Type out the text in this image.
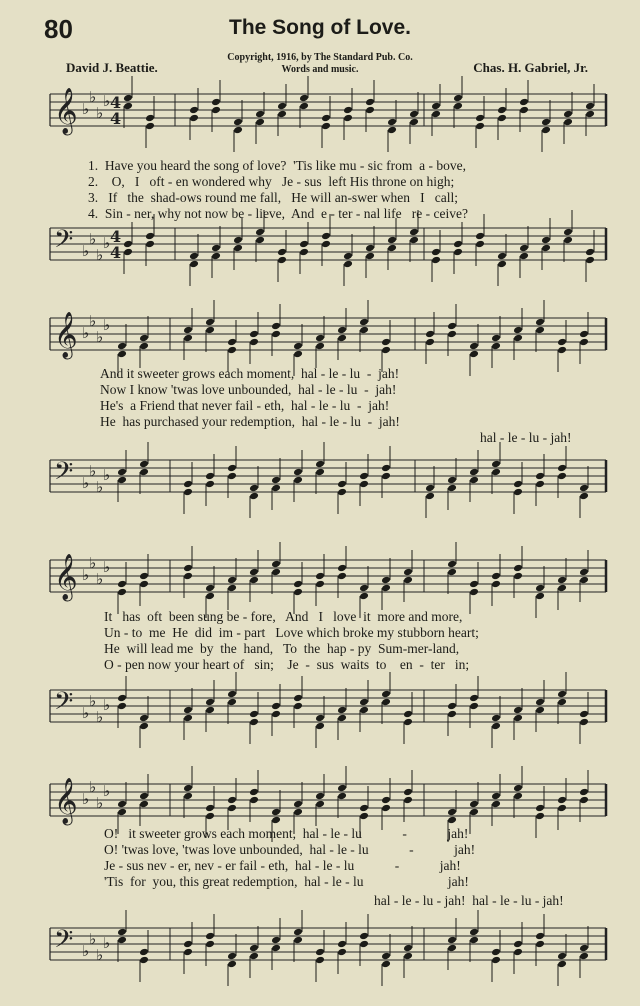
80	The Song of Love.
David J. Beattie.
Copyright, 1916, by The Standard Pub. Co.
Words and music.	Chas. H. Gabriel, Jr.
𝄞 ♭
♭
♭
♭ 4
4
1.  Have you heard the song of love?  'Tis like mu - sic from  a - bove,
2.    O,   I   oft - en wondered why   Je - sus  left His throne on high;
3.   If   the  shad-ows round me fall,   He will an-swer when   I   call;
4.  Sin - ner, why not now be - lieve,  And  e - ter - nal life   re - ceive?
𝄢 ♭
♭
♭
♭ 4
4
𝄞 ♭
♭
♭
♭
And it sweeter grows each moment,  hal - le - lu  -  jah!
Now I know 'twas love unbounded,  hal - le - lu  -  jah!
He's  a Friend that never fail - eth,  hal - le - lu  -  jah!
He  has purchased your redemption,  hal - le - lu  -  jah!
hal - le - lu - jah!
𝄢 ♭
♭
♭
♭
𝄞 ♭
♭
♭
♭
It   has  oft  been sung be - fore,   And   I   love  it  more and more,
Un - to  me  He  did  im - part   Love which broke my stubborn heart;
He  will lead me  by  the  hand,   To  the  hap - py  Sum-mer-land,
O - pen now your heart of   sin;    Je  -  sus  waits  to    en  -  ter   in;
𝄢 ♭
♭
♭
♭
𝄞 ♭
♭
♭
♭
O!   it sweeter grows each moment,  hal - le - lu            -            jah!
O! 'twas love, 'twas love unbounded,  hal - le - lu            -            jah!
Je - sus nev - er, nev - er fail - eth,  hal - le - lu            -            jah!
'Tis  for  you, this great redemption,  hal - le - lu                         jah!
hal - le - lu - jah!  hal - le - lu - jah!
𝄢 ♭
♭
♭
♭
